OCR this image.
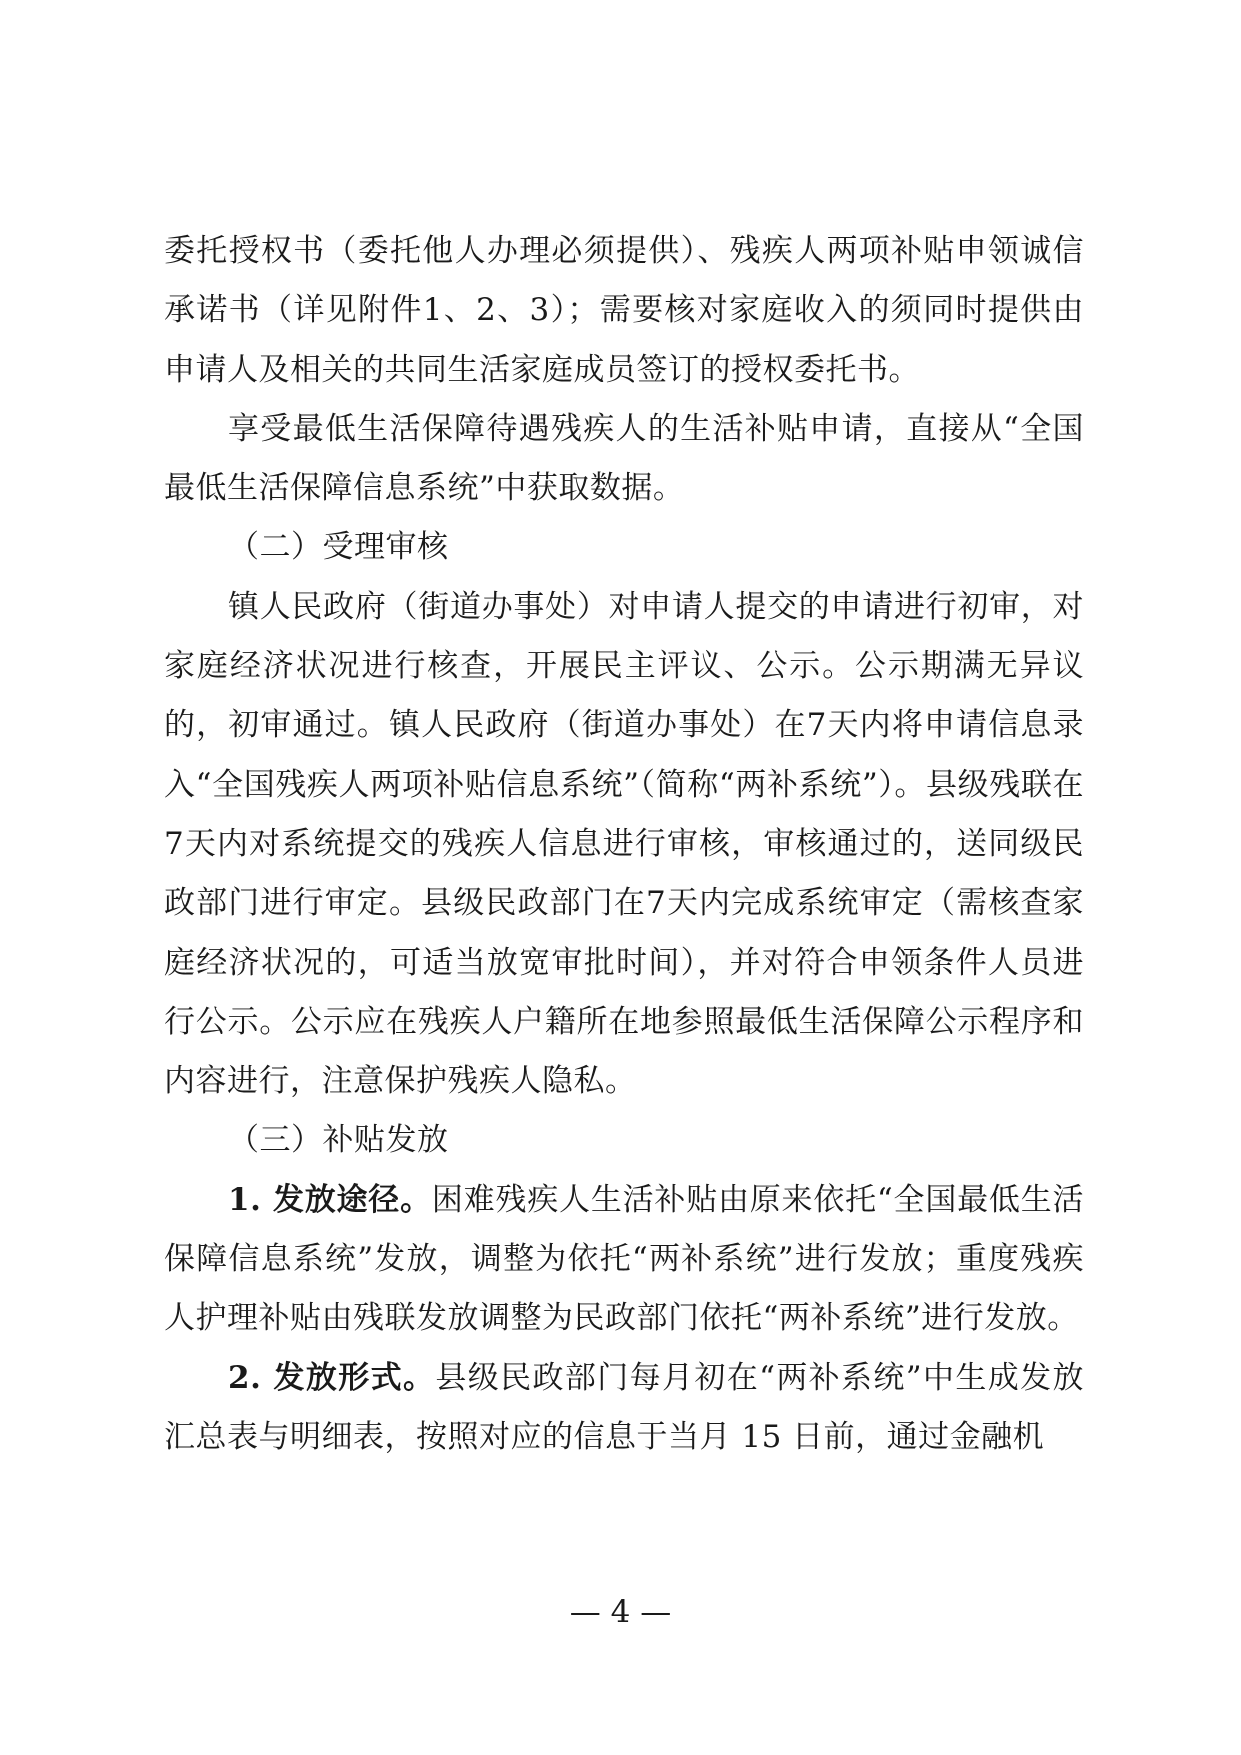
委托授权书（委托他人办理必须提供）、残疾人两项补贴申领诚信承诺书（详见附件1、2、3）；需要核对家庭收入的须同时提供由申请人及相关的共同生活家庭成员签订的授权委托书。

享受最低生活保障待遇残疾人的生活补贴申请，直接从“全国最低生活保障信息系统”中获取数据。

（二）受理审核

镇人民政府（街道办事处）对申请人提交的申请进行初审，对家庭经济状况进行核查，开展民主评议、公示。公示期满无异议的，初审通过。镇人民政府（街道办事处）在7天内将申请信息录入“全国残疾人两项补贴信息系统”（简称“两补系统”）。县级残联在7天内对系统提交的残疾人信息进行审核，审核通过的，送同级民政部门进行审定。县级民政部门在7天内完成系统审定（需核查家庭经济状况的，可适当放宽审批时间），并对符合申领条件人员进行公示。公示应在残疾人户籍所在地参照最低生活保障公示程序和内容进行，注意保护残疾人隐私。

（三）补贴发放

1. 发放途径。困难残疾人生活补贴由原来依托“全国最低生活保障信息系统”发放，调整为依托“两补系统”进行发放；重度残疾人护理补贴由残联发放调整为民政部门依托“两补系统”进行发放。

2. 发放形式。县级民政部门每月初在“两补系统”中生成发放汇总表与明细表，按照对应的信息于当月 15 日前，通过金融机

— 4 —
